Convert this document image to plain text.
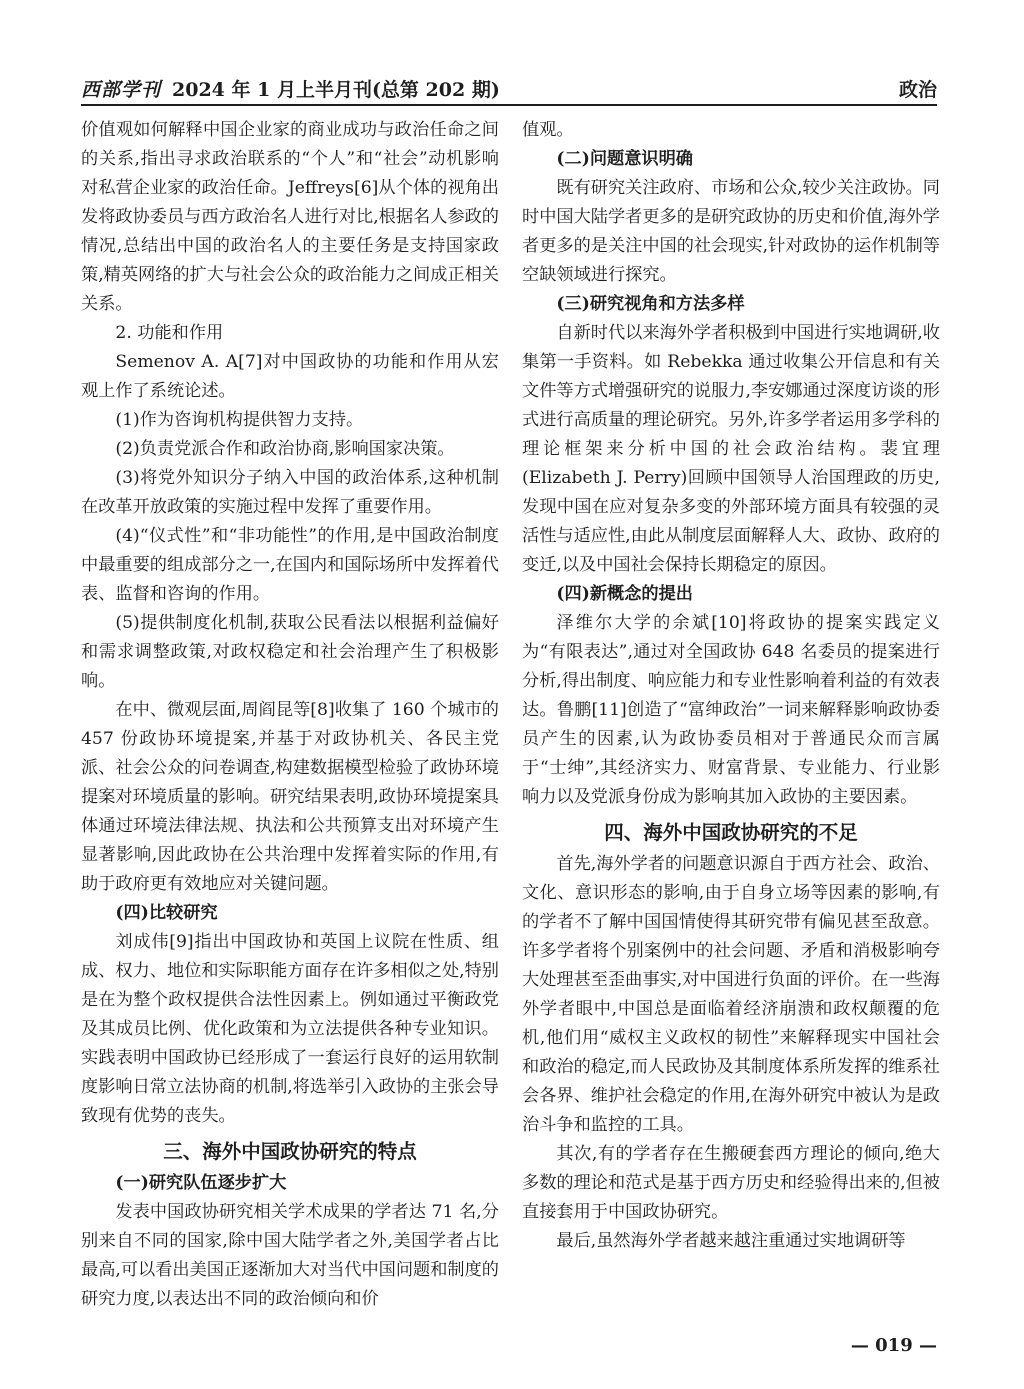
西部学刊 2024 年 1 月上半月刊(总第 202 期)	政治

价值观如何解释中国企业家的商业成功与政治任命之间的关系,指出寻求政治联系的“个人”和“社会”动机影响对私营企业家的政治任命。Jeffreys[6]从个体的视角出发将政协委员与西方政治名人进行对比,根据名人参政的情况,总结出中国的政治名人的主要任务是支持国家政策,精英网络的扩大与社会公众的政治能力之间成正相关关系。

2. 功能和作用

Semenov A. A[7]对中国政协的功能和作用从宏观上作了系统论述。

(1)作为咨询机构提供智力支持。

(2)负责党派合作和政治协商,影响国家决策。

(3)将党外知识分子纳入中国的政治体系,这种机制在改革开放政策的实施过程中发挥了重要作用。

(4)“仪式性”和“非功能性”的作用,是中国政治制度中最重要的组成部分之一,在国内和国际场所中发挥着代表、监督和咨询的作用。

(5)提供制度化机制,获取公民看法以根据利益偏好和需求调整政策,对政权稳定和社会治理产生了积极影响。

在中、微观层面,周阎昆等[8]收集了 160 个城市的 457 份政协环境提案,并基于对政协机关、各民主党派、社会公众的问卷调查,构建数据模型检验了政协环境提案对环境质量的影响。研究结果表明,政协环境提案具体通过环境法律法规、执法和公共预算支出对环境产生显著影响,因此政协在公共治理中发挥着实际的作用,有助于政府更有效地应对关键问题。

(四)比较研究

刘成伟[9]指出中国政协和英国上议院在性质、组成、权力、地位和实际职能方面存在许多相似之处,特别是在为整个政权提供合法性因素上。例如通过平衡政党及其成员比例、优化政策和为立法提供各种专业知识。实践表明中国政协已经形成了一套运行良好的运用软制度影响日常立法协商的机制,将选举引入政协的主张会导致现有优势的丧失。

三、海外中国政协研究的特点
(一)研究队伍逐步扩大

发表中国政协研究相关学术成果的学者达 71 名,分别来自不同的国家,除中国大陆学者之外,美国学者占比最高,可以看出美国正逐渐加大对当代中国问题和制度的研究力度,以表达出不同的政治倾向和价

值观。

(二)问题意识明确

既有研究关注政府、市场和公众,较少关注政协。同时中国大陆学者更多的是研究政协的历史和价值,海外学者更多的是关注中国的社会现实,针对政协的运作机制等空缺领域进行探究。

(三)研究视角和方法多样

自新时代以来海外学者积极到中国进行实地调研,收集第一手资料。如 Rebekka 通过收集公开信息和有关文件等方式增强研究的说服力,李安娜通过深度访谈的形式进行高质量的理论研究。另外,许多学者运用多学科的理论框架来分析中国的社会政治结构。裴宜理(Elizabeth J. Perry)回顾中国领导人治国理政的历史,发现中国在应对复杂多变的外部环境方面具有较强的灵活性与适应性,由此从制度层面解释人大、政协、政府的变迁,以及中国社会保持长期稳定的原因。

(四)新概念的提出

泽维尔大学的余斌[10]将政协的提案实践定义为“有限表达”,通过对全国政协 648 名委员的提案进行分析,得出制度、响应能力和专业性影响着利益的有效表达。鲁鹏[11]创造了“富绅政治”一词来解释影响政协委员产生的因素,认为政协委员相对于普通民众而言属于“士绅”,其经济实力、财富背景、专业能力、行业影响力以及党派身份成为影响其加入政协的主要因素。

四、海外中国政协研究的不足

首先,海外学者的问题意识源自于西方社会、政治、文化、意识形态的影响,由于自身立场等因素的影响,有的学者不了解中国国情使得其研究带有偏见甚至敌意。许多学者将个别案例中的社会问题、矛盾和消极影响夸大处理甚至歪曲事实,对中国进行负面的评价。在一些海外学者眼中,中国总是面临着经济崩溃和政权颠覆的危机,他们用“威权主义政权的韧性”来解释现实中国社会和政治的稳定,而人民政协及其制度体系所发挥的维系社会各界、维护社会稳定的作用,在海外研究中被认为是政治斗争和监控的工具。

其次,有的学者存在生搬硬套西方理论的倾向,绝大多数的理论和范式是基于西方历史和经验得出来的,但被直接套用于中国政协研究。

最后,虽然海外学者越来越注重通过实地调研等

— 019 —
